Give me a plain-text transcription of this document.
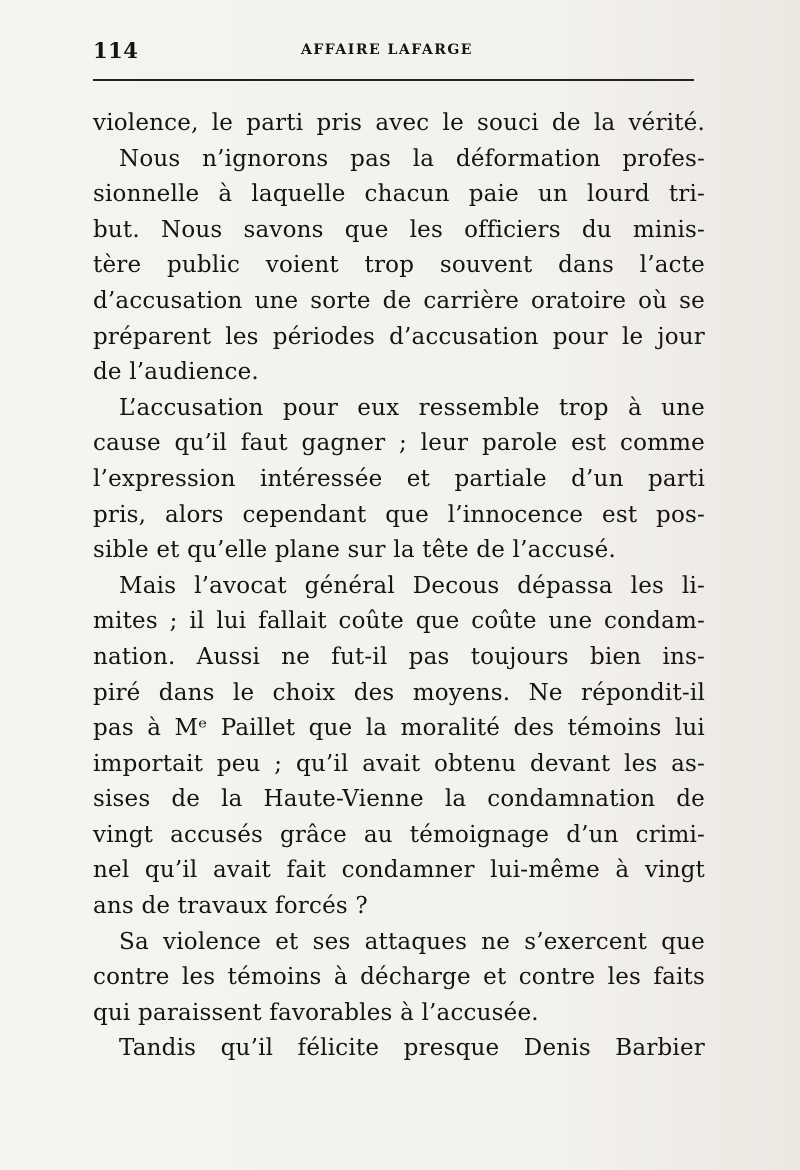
114	AFFAIRE LAFARGE
violence, le parti pris avec le souci de la vérité.
Nous n’ignorons pas la déformation profes-
sionnelle à laquelle chacun paie un lourd tri-
but. Nous savons que les officiers du minis-
tère public voient trop souvent dans l’acte
d’accusation une sorte de carrière oratoire où se
préparent les périodes d’accusation pour le jour
de l’audience.
L’accusation pour eux ressemble trop à une
cause qu’il faut gagner ; leur parole est comme
l’expression intéressée et partiale d’un parti
pris, alors cependant que l’innocence est pos-
sible et qu’elle plane sur la tête de l’accusé.
Mais l’avocat général Decous dépassa les li-
mites ; il lui fallait coûte que coûte une condam-
nation. Aussi ne fut-il pas toujours bien ins-
piré dans le choix des moyens. Ne répondit-il
pas à Mᵉ Paillet que la moralité des témoins lui
importait peu ; qu’il avait obtenu devant les as-
sises de la Haute-Vienne la condamnation de
vingt accusés grâce au témoignage d’un crimi-
nel qu’il avait fait condamner lui-même à vingt
ans de travaux forcés ?
Sa violence et ses attaques ne s’exercent que
contre les témoins à décharge et contre les faits
qui paraissent favorables à l’accusée.
Tandis qu’il félicite presque Denis Barbier
